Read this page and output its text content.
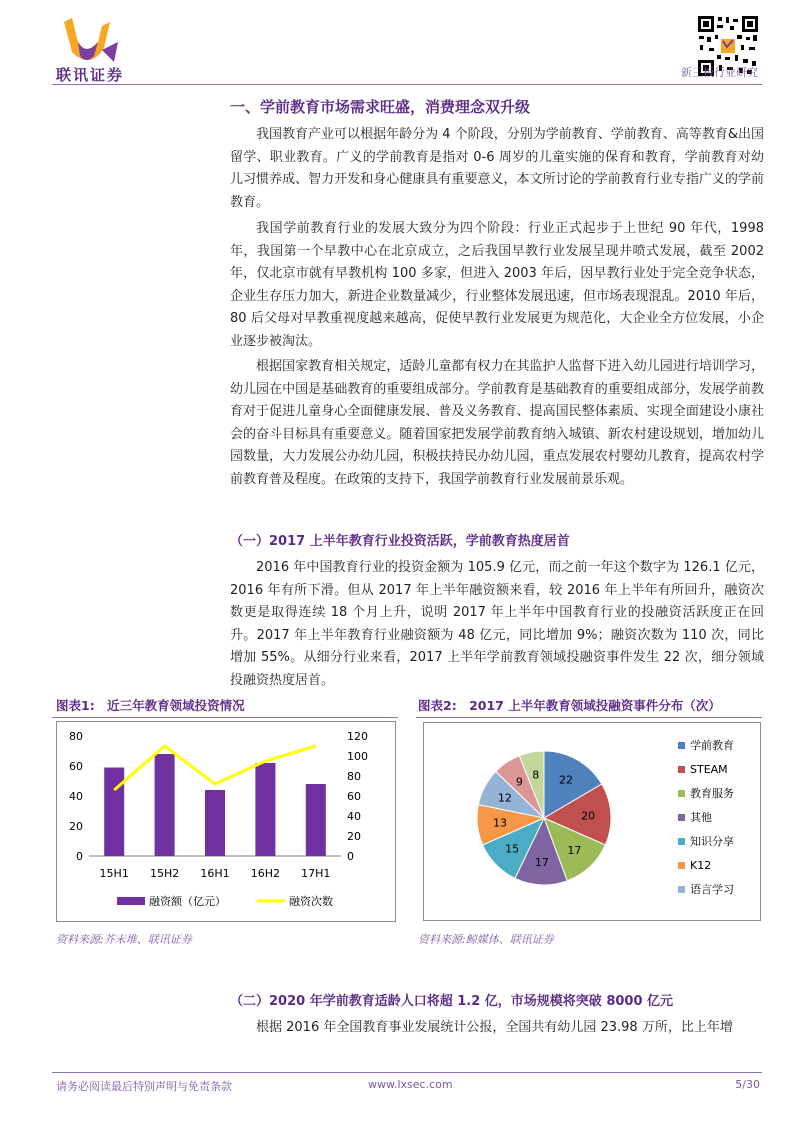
联讯证券	新三板行业研究
一、学前教育市场需求旺盛，消费理念双升级

我国教育产业可以根据年龄分为 4 个阶段，分别为学前教育、学前教育、高等教育&出国留学、职业教育。广义的学前教育是指对 0-6 周岁的儿童实施的保育和教育，学前教育对幼儿习惯养成、智力开发和身心健康具有重要意义，本文所讨论的学前教育行业专指广义的学前教育。

我国学前教育行业的发展大致分为四个阶段：行业正式起步于上世纪 90 年代，1998 年，我国第一个早教中心在北京成立，之后我国早教行业发展呈现井喷式发展，截至 2002 年，仅北京市就有早教机构 100 多家，但进入 2003 年后，因早教行业处于完全竞争状态，企业生存压力加大，新进企业数量减少，行业整体发展迅速，但市场表现混乱。2010 年后，80 后父母对早教重视度越来越高，促使早教行业发展更为规范化，大企业全方位发展，小企业逐步被淘汰。

根据国家教育相关规定，适龄儿童都有权力在其监护人监督下进入幼儿园进行培训学习，幼儿园在中国是基础教育的重要组成部分。学前教育是基础教育的重要组成部分，发展学前教育对于促进儿童身心全面健康发展、普及义务教育、提高国民整体素质、实现全面建设小康社会的奋斗目标具有重要意义。随着国家把发展学前教育纳入城镇、新农村建设规划，增加幼儿园数量，大力发展公办幼儿园，积极扶持民办幼儿园，重点发展农村婴幼儿教育，提高农村学前教育普及程度。在政策的支持下，我国学前教育行业发展前景乐观。

（一）2017 上半年教育行业投资活跃，学前教育热度居首

2016 年中国教育行业的投资金额为 105.9 亿元，而之前一年这个数字为 126.1 亿元，2016 年有所下滑。但从 2017 年上半年融资额来看，较 2016 年上半年有所回升，融资次数更是取得连续 18 个月上升，说明 2017 年上半年中国教育行业的投融资活跃度正在回升。2017 年上半年教育行业融资额为 48 亿元，同比增加 9%；融资次数为 110 次，同比增加 55%。从细分行业来看，2017 上半年学前教育领域投融资事件发生 22 次，细分领域投融资热度居首。

图表1: 近三年教育领域投资情况	图表2: 2017 上半年教育领域投融资事件分布（次）
0
20
40
60
80
0
20
40
60
80
100
120
15H1 15H2 16H1 16H2 17H1
融资额（亿元）	融资次数
22
20
17
17
15
13
12
9
8
学前教育
STEAM
教育服务
其他
知识分享
K12
语言学习
资料来源:芥末堆、联讯证券	资料来源:鲸媒体、联讯证券
（二）2020 年学前教育适龄人口将超 1.2 亿，市场规模将突破 8000 亿元

根据 2016 年全国教育事业发展统计公报，全国共有幼儿园 23.98 万所，比上年增

请务必阅读最后特别声明与免责条款	www.lxsec.com	5/30
